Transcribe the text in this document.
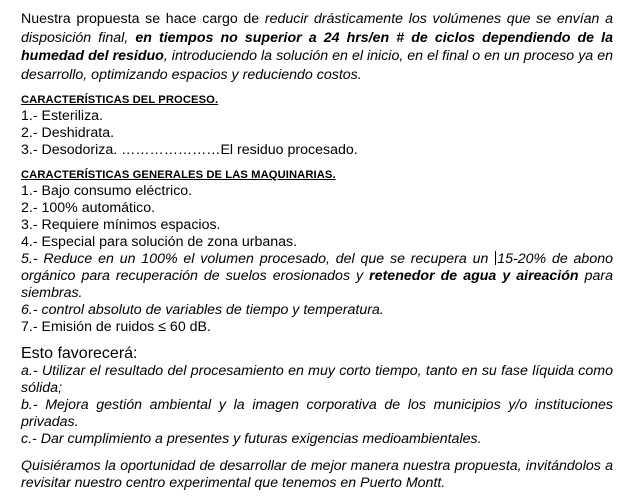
Nuestra propuesta se hace cargo de reducir drásticamente los volúmenes que se envían a disposición final, en tiempos no superior a 24 hrs/en # de ciclos dependiendo de la humedad del residuo, introduciendo la solución en el inicio, en el final o en un proceso ya en desarrollo, optimizando espacios y reduciendo costos.

CARACTERÍSTICAS DEL PROCESO.
1.- Esteriliza.
2.- Deshidrata.
3.- Desodoriza. …………………El residuo procesado.
CARACTERÍSTICAS GENERALES DE LAS MAQUINARIAS.
1.- Bajo consumo eléctrico.
2.- 100% automático.
3.- Requiere mínimos espacios.
4.- Especial para solución de zona urbanas.
5.- Reduce en un 100% el volumen procesado, del que se recupera un 15-20% de abono orgánico para recuperación de suelos erosionados y retenedor de agua y aireación para siembras.
6.- control absoluto de variables de tiempo y temperatura.
7.- Emisión de ruidos ≤ 60 dB.
Esto favorecerá:
a.- Utilizar el resultado del procesamiento en muy corto tiempo, tanto en su fase líquida como sólida;
b.- Mejora gestión ambiental y la imagen corporativa de los municipios y/o instituciones privadas.
c.- Dar cumplimiento a presentes y futuras exigencias medioambientales.

Quisiéramos la oportunidad de desarrollar de mejor manera nuestra propuesta, invitándolos a revisitar nuestro centro experimental que tenemos en Puerto Montt.
